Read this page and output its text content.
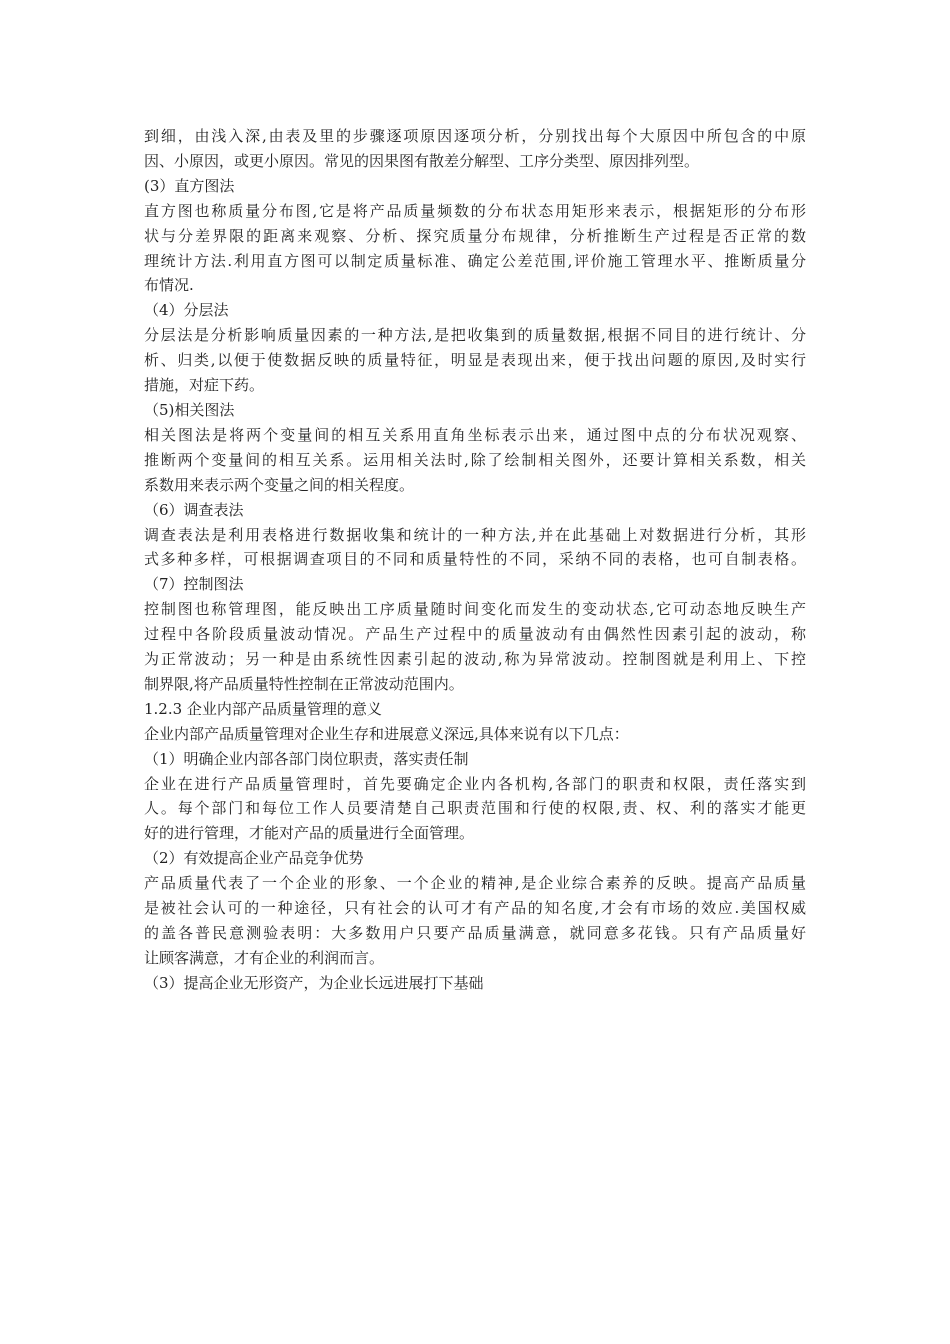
到细，由浅入深,由表及里的步骤逐项原因逐项分析，分别找出每个大原因中所包含的中原
因、小原因，或更小原因。常见的因果图有散差分解型、工序分类型、原因排列型。
(3）直方图法
直方图也称质量分布图,它是将产品质量频数的分布状态用矩形来表示，根据矩形的分布形
状与分差界限的距离来观察、分析、探究质量分布规律，分析推断生产过程是否正常的数
理统计方法.利用直方图可以制定质量标准、确定公差范围,评价施工管理水平、推断质量分
布情况.
（4）分层法
分层法是分析影响质量因素的一种方法,是把收集到的质量数据,根据不同目的进行统计、分
析、归类,以便于使数据反映的质量特征，明显是表现出来，便于找出问题的原因,及时实行
措施，对症下药。
（5)相关图法
相关图法是将两个变量间的相互关系用直角坐标表示出来，通过图中点的分布状况观察、
推断两个变量间的相互关系。运用相关法时,除了绘制相关图外，还要计算相关系数，相关
系数用来表示两个变量之间的相关程度。
（6）调查表法
调查表法是利用表格进行数据收集和统计的一种方法,并在此基础上对数据进行分析，其形
式多种多样，可根据调查项目的不同和质量特性的不同，采纳不同的表格，也可自制表格。
（7）控制图法
控制图也称管理图，能反映出工序质量随时间变化而发生的变动状态,它可动态地反映生产
过程中各阶段质量波动情况。产品生产过程中的质量波动有由偶然性因素引起的波动，称
为正常波动；另一种是由系统性因素引起的波动,称为异常波动。控制图就是利用上、下控
制界限,将产品质量特性控制在正常波动范围内。
1.2.3 企业内部产品质量管理的意义
企业内部产品质量管理对企业生存和进展意义深远,具体来说有以下几点：
（1）明确企业内部各部门岗位职责，落实责任制
企业在进行产品质量管理时，首先要确定企业内各机构,各部门的职责和权限，责任落实到
人。每个部门和每位工作人员要清楚自己职责范围和行使的权限,责、权、利的落实才能更
好的进行管理，才能对产品的质量进行全面管理。
（2）有效提高企业产品竞争优势
产品质量代表了一个企业的形象、一个企业的精神,是企业综合素养的反映。提高产品质量
是被社会认可的一种途径，只有社会的认可才有产品的知名度,才会有市场的效应.美国权威
的盖各普民意测验表明：大多数用户只要产品质量满意，就同意多花钱。只有产品质量好
让顾客满意，才有企业的利润而言。
（3）提高企业无形资产，为企业长远进展打下基础
